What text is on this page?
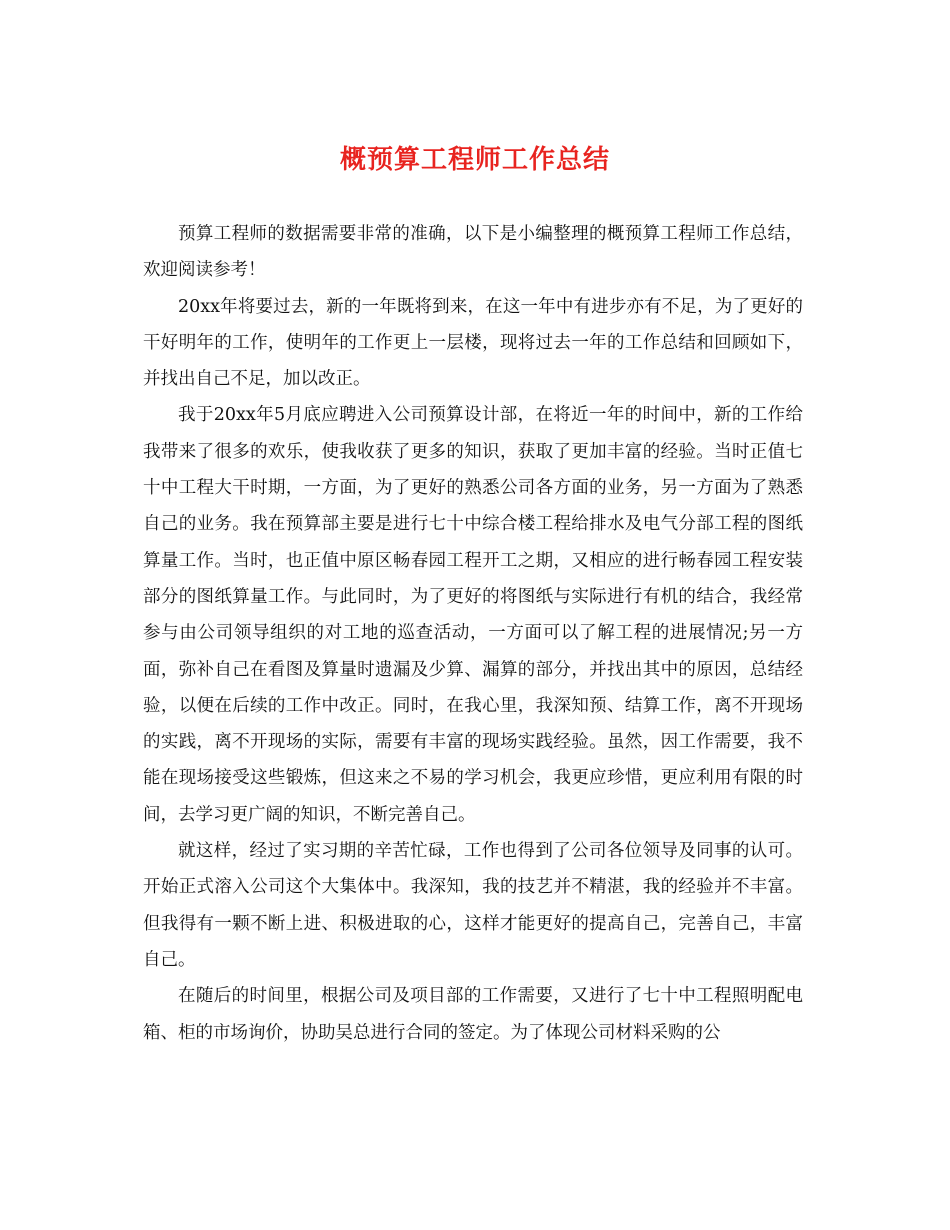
概预算工程师工作总结

预算工程师的数据需要非常的准确，以下是小编整理的概预算工程师工作总结，欢迎阅读参考！

20xx年将要过去，新的一年既将到来，在这一年中有进步亦有不足，为了更好的干好明年的工作，使明年的工作更上一层楼，现将过去一年的工作总结和回顾如下，并找出自己不足，加以改正。

我于20xx年5月底应聘进入公司预算设计部，在将近一年的时间中，新的工作给我带来了很多的欢乐，使我收获了更多的知识，获取了更加丰富的经验。当时正值七十中工程大干时期，一方面，为了更好的熟悉公司各方面的业务，另一方面为了熟悉自己的业务。我在预算部主要是进行七十中综合楼工程给排水及电气分部工程的图纸算量工作。当时，也正值中原区畅春园工程开工之期，又相应的进行畅春园工程安装部分的图纸算量工作。与此同时，为了更好的将图纸与实际进行有机的结合，我经常参与由公司领导组织的对工地的巡查活动，一方面可以了解工程的进展情况;另一方面，弥补自己在看图及算量时遗漏及少算、漏算的部分，并找出其中的原因，总结经验，以便在后续的工作中改正。同时，在我心里，我深知预、结算工作，离不开现场的实践，离不开现场的实际，需要有丰富的现场实践经验。虽然，因工作需要，我不能在现场接受这些锻炼，但这来之不易的学习机会，我更应珍惜，更应利用有限的时间，去学习更广阔的知识，不断完善自己。

就这样，经过了实习期的辛苦忙碌，工作也得到了公司各位领导及同事的认可。开始正式溶入公司这个大集体中。我深知，我的技艺并不精湛，我的经验并不丰富。但我得有一颗不断上进、积极进取的心，这样才能更好的提高自己，完善自己，丰富自己。

在随后的时间里，根据公司及项目部的工作需要，又进行了七十中工程照明配电箱、柜的市场询价，协助吴总进行合同的签定。为了体现公司材料采购的公
